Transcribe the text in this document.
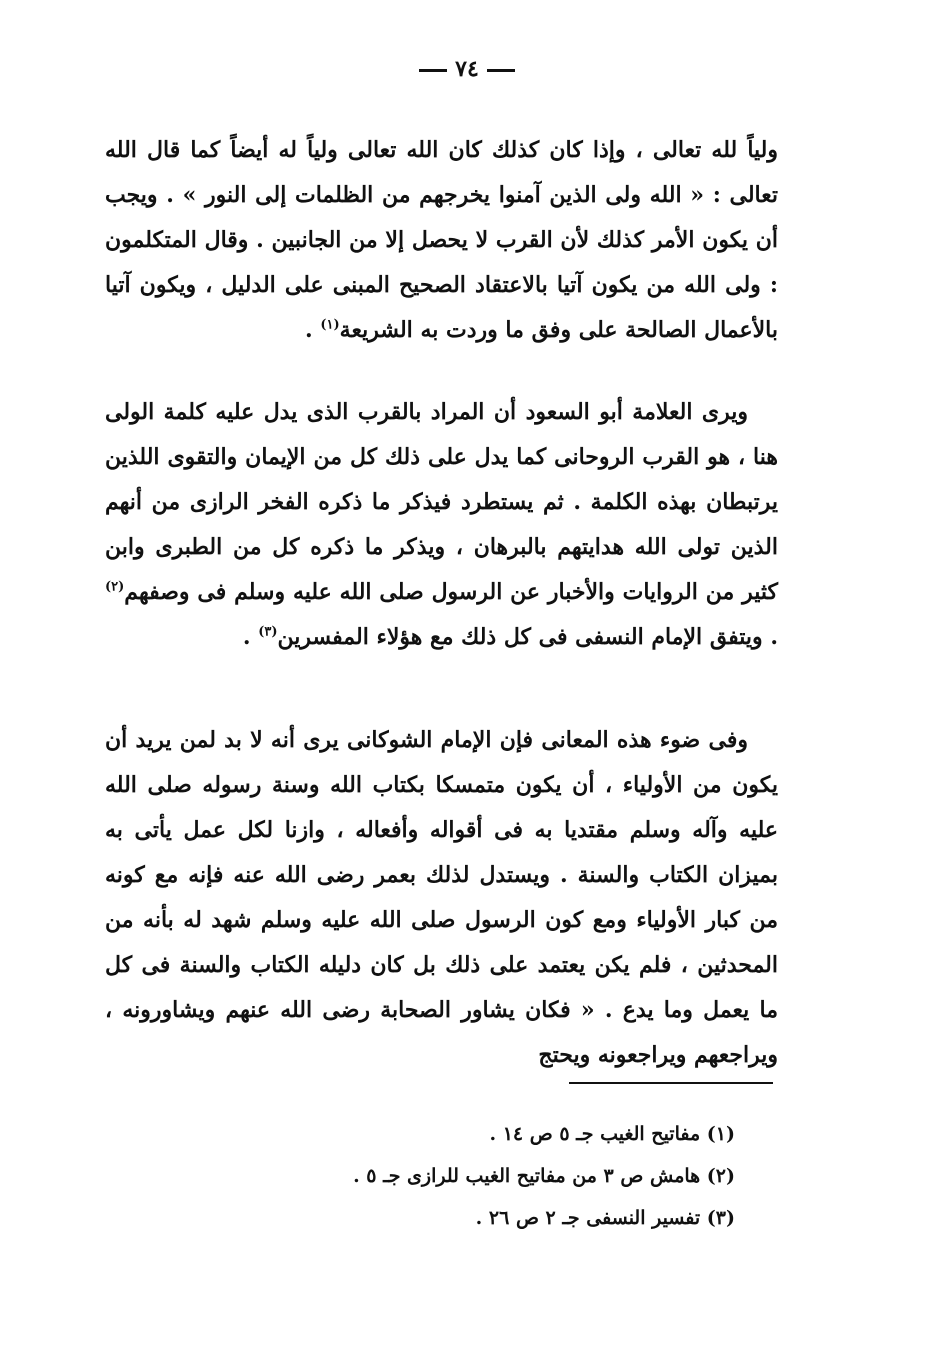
٧٤

ولياً لله تعالى ، وإذا كان كذلك كان الله تعالى ولياً له أيضاً كما قال الله تعالى : « الله ولى الذين آمنوا يخرجهم من الظلمات إلى النور » . ويجب أن يكون الأمر كذلك لأن القرب لا يحصل إلا من الجانبين . وقال المتكلمون : ولى الله من يكون آتيا بالاعتقاد الصحيح المبنى على الدليل ، ويكون آتيا بالأعمال الصالحة على وفق ما وردت به الشريعة$^{(١)}$ .

ويرى العلامة أبو السعود أن المراد بالقرب الذى يدل عليه كلمة الولى هنا ، هو القرب الروحانى كما يدل على ذلك كل من الإيمان والتقوى اللذين يرتبطان بهذه الكلمة . ثم يستطرد فيذكر ما ذكره الفخر الرازى من أنهم الذين تولى الله هدايتهم بالبرهان ، ويذكر ما ذكره كل من الطبرى وابن كثير من الروايات والأخبار عن الرسول صلى الله عليه وسلم فى وصفهم$^{(٢)}$ . ويتفق الإمام النسفى فى كل ذلك مع هؤلاء المفسرين$^{(٣)}$ .

وفى ضوء هذه المعانى فإن الإمام الشوكانى يرى أنه لا بد لمن يريد أن يكون من الأولياء ، أن يكون متمسكا بكتاب الله وسنة رسوله صلى الله عليه وآله وسلم مقتديا به فى أقواله وأفعاله ، وازنا لكل عمل يأتى به بميزان الكتاب والسنة . ويستدل لذلك بعمر رضى الله عنه فإنه مع كونه من كبار الأولياء ومع كون الرسول صلى الله عليه وسلم شهد له بأنه من المحدثين ، فلم يكن يعتمد على ذلك بل كان دليله الكتاب والسنة فى كل ما يعمل وما يدع . « فكان يشاور الصحابة رضى الله عنهم ويشاورونه ، ويراجعهم ويراجعونه ويحتج

(١) مفاتيح الغيب جـ ٥ ص ١٤ .
(٢) هامش ص ٣ من مفاتيح الغيب للرازى جـ ٥ .
(٣) تفسير النسفى جـ ٢ ص ٢٦ .
